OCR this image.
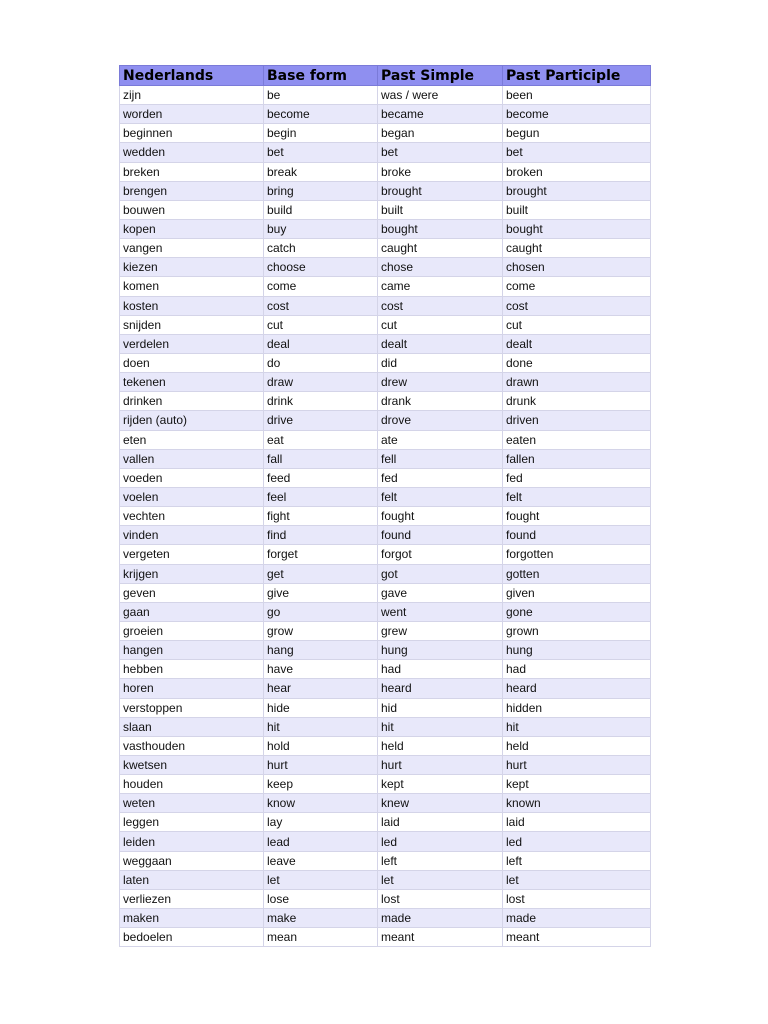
Nederlands	Base form	Past Simple	Past Participle
zijn	be	was / were	been
worden	become	became	become
beginnen	begin	began	begun
wedden	bet	bet	bet
breken	break	broke	broken
brengen	bring	brought	brought
bouwen	build	built	built
kopen	buy	bought	bought
vangen	catch	caught	caught
kiezen	choose	chose	chosen
komen	come	came	come
kosten	cost	cost	cost
snijden	cut	cut	cut
verdelen	deal	dealt	dealt
doen	do	did	done
tekenen	draw	drew	drawn
drinken	drink	drank	drunk
rijden (auto)	drive	drove	driven
eten	eat	ate	eaten
vallen	fall	fell	fallen
voeden	feed	fed	fed
voelen	feel	felt	felt
vechten	fight	fought	fought
vinden	find	found	found
vergeten	forget	forgot	forgotten
krijgen	get	got	gotten
geven	give	gave	given
gaan	go	went	gone
groeien	grow	grew	grown
hangen	hang	hung	hung
hebben	have	had	had
horen	hear	heard	heard
verstoppen	hide	hid	hidden
slaan	hit	hit	hit
vasthouden	hold	held	held
kwetsen	hurt	hurt	hurt
houden	keep	kept	kept
weten	know	knew	known
leggen	lay	laid	laid
leiden	lead	led	led
weggaan	leave	left	left
laten	let	let	let
verliezen	lose	lost	lost
maken	make	made	made
bedoelen	mean	meant	meant
